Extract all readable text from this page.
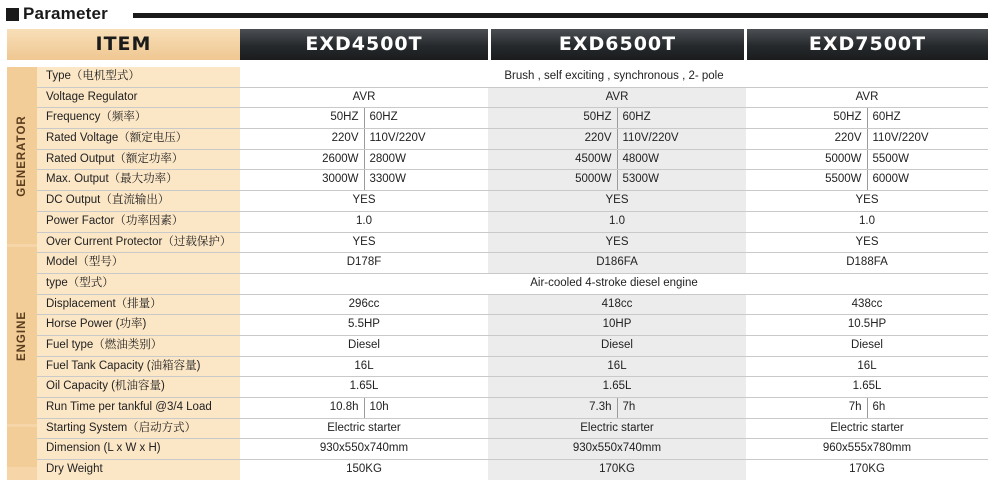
Parameter
ITEM	EXD4500T	EXD6500T	EXD7500T
Type（电机型式）	Brush , self exciting , synchronous , 2- pole
Voltage Regulator	AVR	AVR	AVR
Frequency（频率）	50HZ 60HZ	50HZ 60HZ	50HZ 60HZ
Rated Voltage（额定电压）	220V 110V/220V	220V 110V/220V	220V 110V/220V
Rated Output（额定功率）	2600W 2800W	4500W 4800W	5000W 5500W
Max. Output（最大功率）	3000W 3300W	5000W 5300W	5500W 6000W
DC Output（直流输出）	YES	YES	YES
Power Factor（功率因素）	1.0	1.0	1.0
Over Current Protector（过载保护）	YES	YES	YES
Model（型号）	D178F	D186FA	D188FA
type（型式）	Air-cooled 4-stroke diesel engine
Displacement（排量）	296cc	418cc	438cc
Horse Power (功率)	5.5HP	10HP	10.5HP
Fuel type（燃油类别）	Diesel	Diesel	Diesel
Fuel Tank Capacity (油箱容量)	16L	16L	16L
Oil Capacity (机油容量)	1.65L	1.65L	1.65L
Run Time per tankful @3/4 Load	10.8h 10h	7.3h 7h	7h 6h
Starting System（启动方式）	Electric starter	Electric starter	Electric starter
Dimension (L x W x H)	930x550x740mm	930x550x740mm	960x555x780mm
Dry Weight	150KG	170KG	170KG
GENERATOR
ENGINE
